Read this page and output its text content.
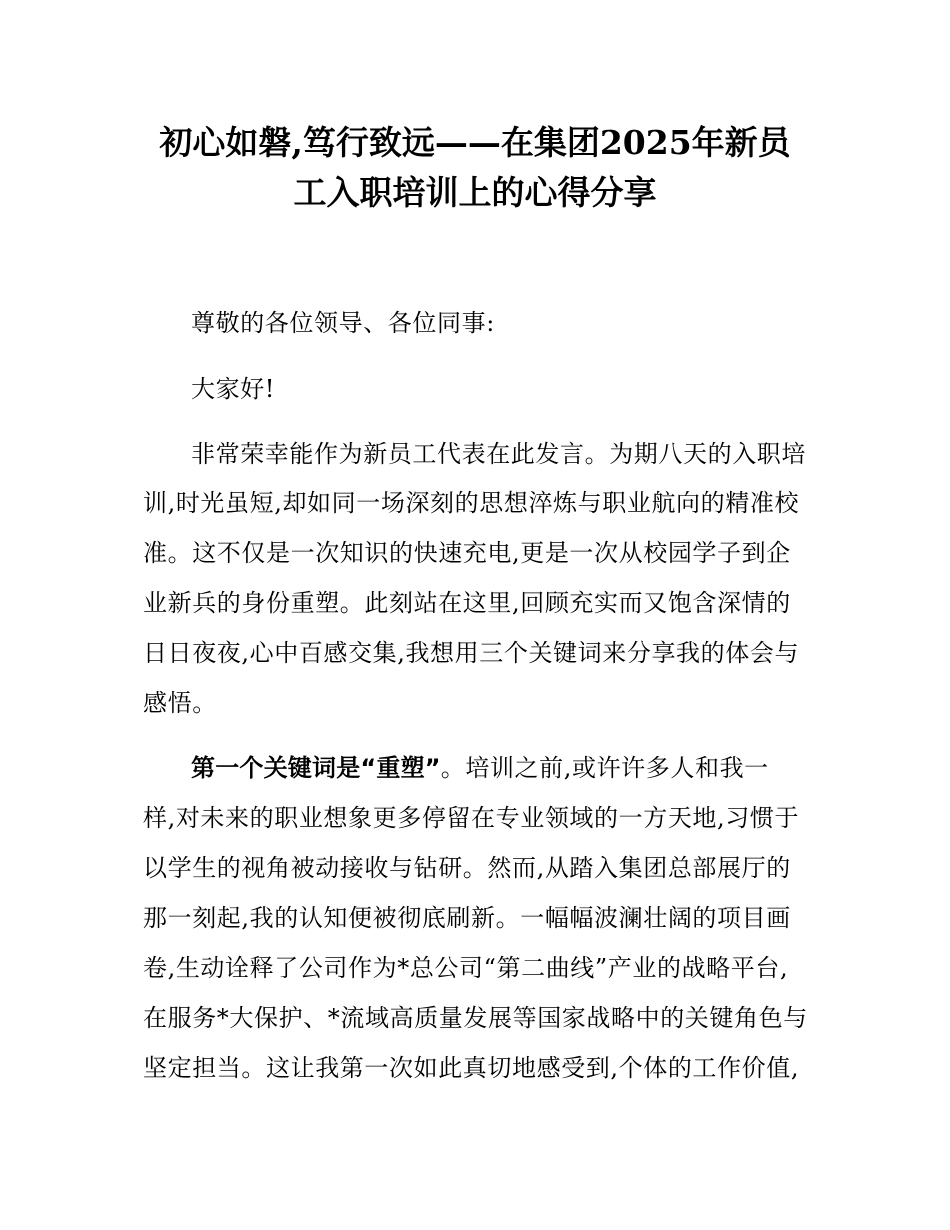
初心如磐,笃行致远——在集团2025年新员
工入职培训上的心得分享

尊敬的各位领导、各位同事:

大家好!

非常荣幸能作为新员工代表在此发言。为期八天的入职培

训,时光虽短,却如同一场深刻的思想淬炼与职业航向的精准校

准。这不仅是一次知识的快速充电,更是一次从校园学子到企

业新兵的身份重塑。此刻站在这里,回顾充实而又饱含深情的

日日夜夜,心中百感交集,我想用三个关键词来分享我的体会与

感悟。

第一个关键词是“重塑”。培训之前,或许许多人和我一

样,对未来的职业想象更多停留在专业领域的一方天地,习惯于

以学生的视角被动接收与钻研。然而,从踏入集团总部展厅的

那一刻起,我的认知便被彻底刷新。一幅幅波澜壮阔的项目画

卷,生动诠释了公司作为*总公司“第二曲线”产业的战略平台,

在服务*大保护、*流域高质量发展等国家战略中的关键角色与

坚定担当。这让我第一次如此真切地感受到,个体的工作价值,
